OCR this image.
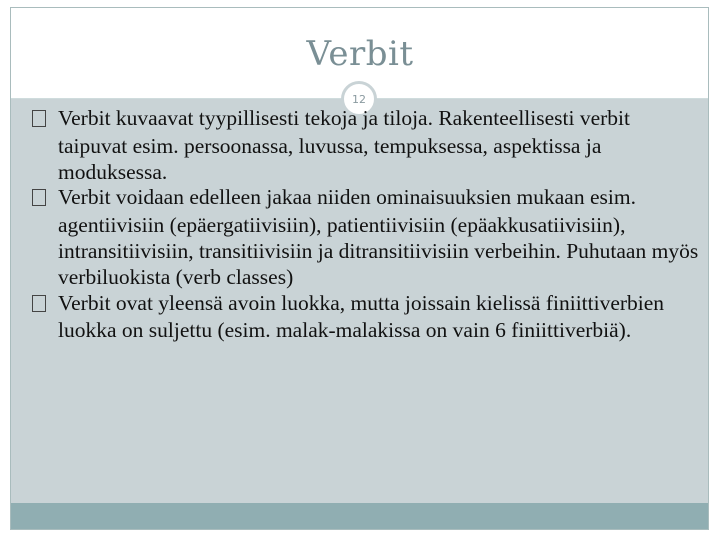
Verbit
12
Verbit kuvaavat tyypillisesti tekoja ja tiloja. Rakenteellisesti verbit taipuvat esim. persoonassa, luvussa, tempuksessa, aspektissa ja moduksessa.
Verbit voidaan edelleen jakaa niiden ominaisuuksien mukaan esim. agentiivisiin (epäergatiivisiin), patientiivisiin (epäakkusatiivisiin), intransitiivisiin, transitiivisiin ja ditransitiivisiin verbeihin. Puhutaan myös verbiluokista (verb classes)
Verbit ovat yleensä avoin luokka, mutta joissain kielissä finiittiverbien luokka on suljettu (esim. malak-malakissa on vain 6 finiittiverbiä).
